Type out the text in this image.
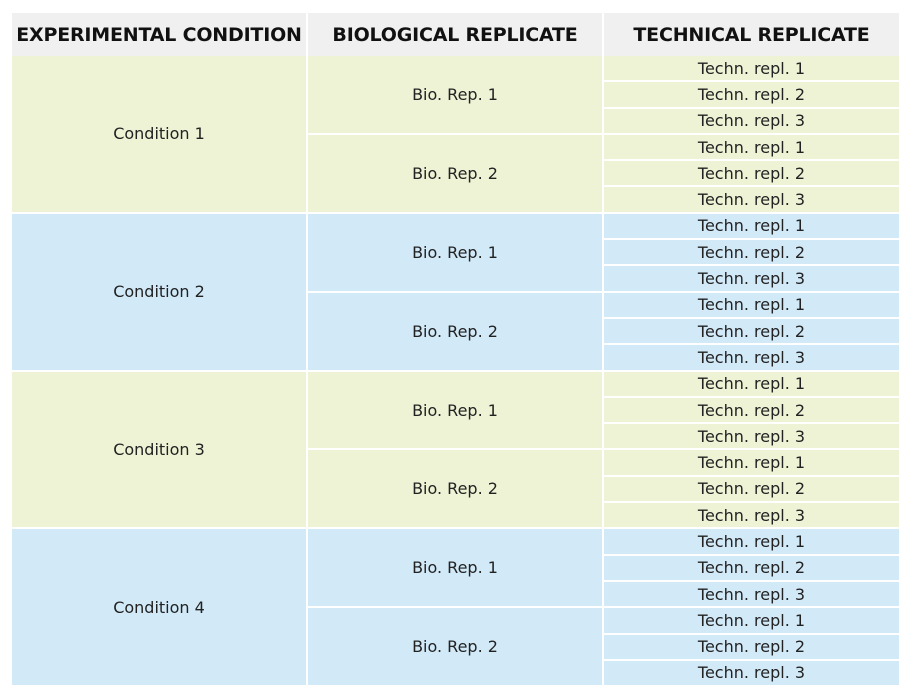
EXPERIMENTAL CONDITION	BIOLOGICAL REPLICATE	TECHNICAL REPLICATE
Condition 1	Bio. Rep. 1	Techn. repl. 1
		Techn. repl. 2
		Techn. repl. 3
	Bio. Rep. 2	Techn. repl. 1
		Techn. repl. 2
		Techn. repl. 3
Condition 2	Bio. Rep. 1	Techn. repl. 1
		Techn. repl. 2
		Techn. repl. 3
	Bio. Rep. 2	Techn. repl. 1
		Techn. repl. 2
		Techn. repl. 3
Condition 3	Bio. Rep. 1	Techn. repl. 1
		Techn. repl. 2
		Techn. repl. 3
	Bio. Rep. 2	Techn. repl. 1
		Techn. repl. 2
		Techn. repl. 3
Condition 4	Bio. Rep. 1	Techn. repl. 1
		Techn. repl. 2
		Techn. repl. 3
	Bio. Rep. 2	Techn. repl. 1
		Techn. repl. 2
		Techn. repl. 3
